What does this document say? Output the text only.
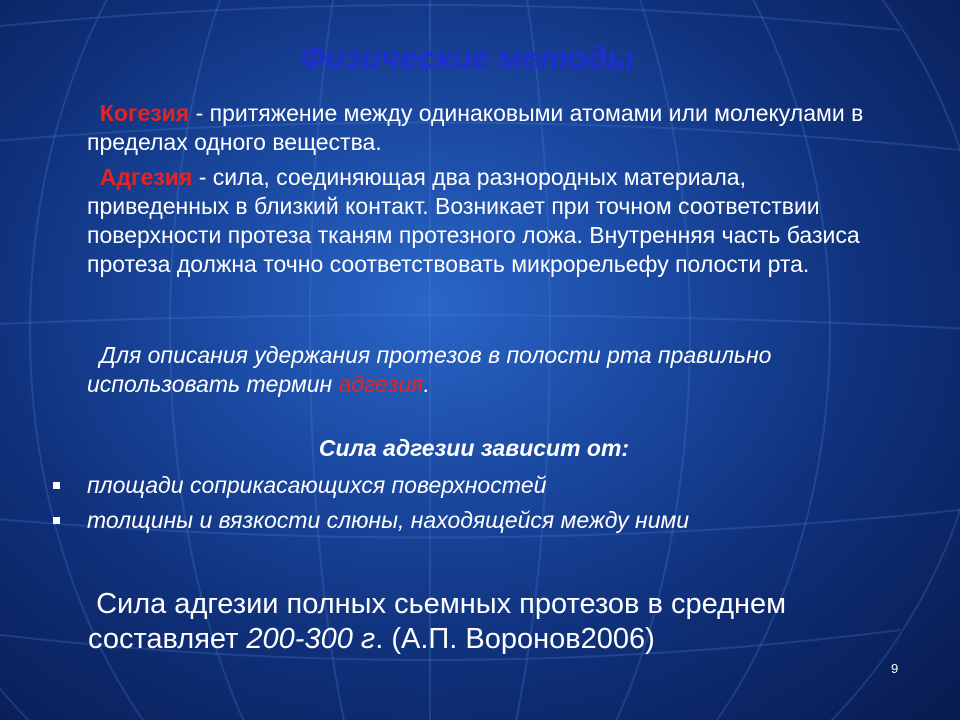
Физические методы

Когезия - притяжение между одинаковыми атомами или молекулами в пределах одного вещества.

Адгезия - сила, соединяющая два разнородных материала, приведенных в близкий контакт. Возникает при точном соответствии поверхности протеза тканям протезного ложа. Внутренняя часть базиса протеза должна точно соответствовать микрорельефу полости рта.

Для описания удержания протезов в полости рта правильно использовать термин адгезия.

Сила адгезии зависит от:
площади соприкасающихся поверхностей
толщины и вязкости слюны, находящейся между ними

Сила адгезии полных сьемных протезов в среднем составляет 200-300 г. (А.П. Воронов2006)

9
